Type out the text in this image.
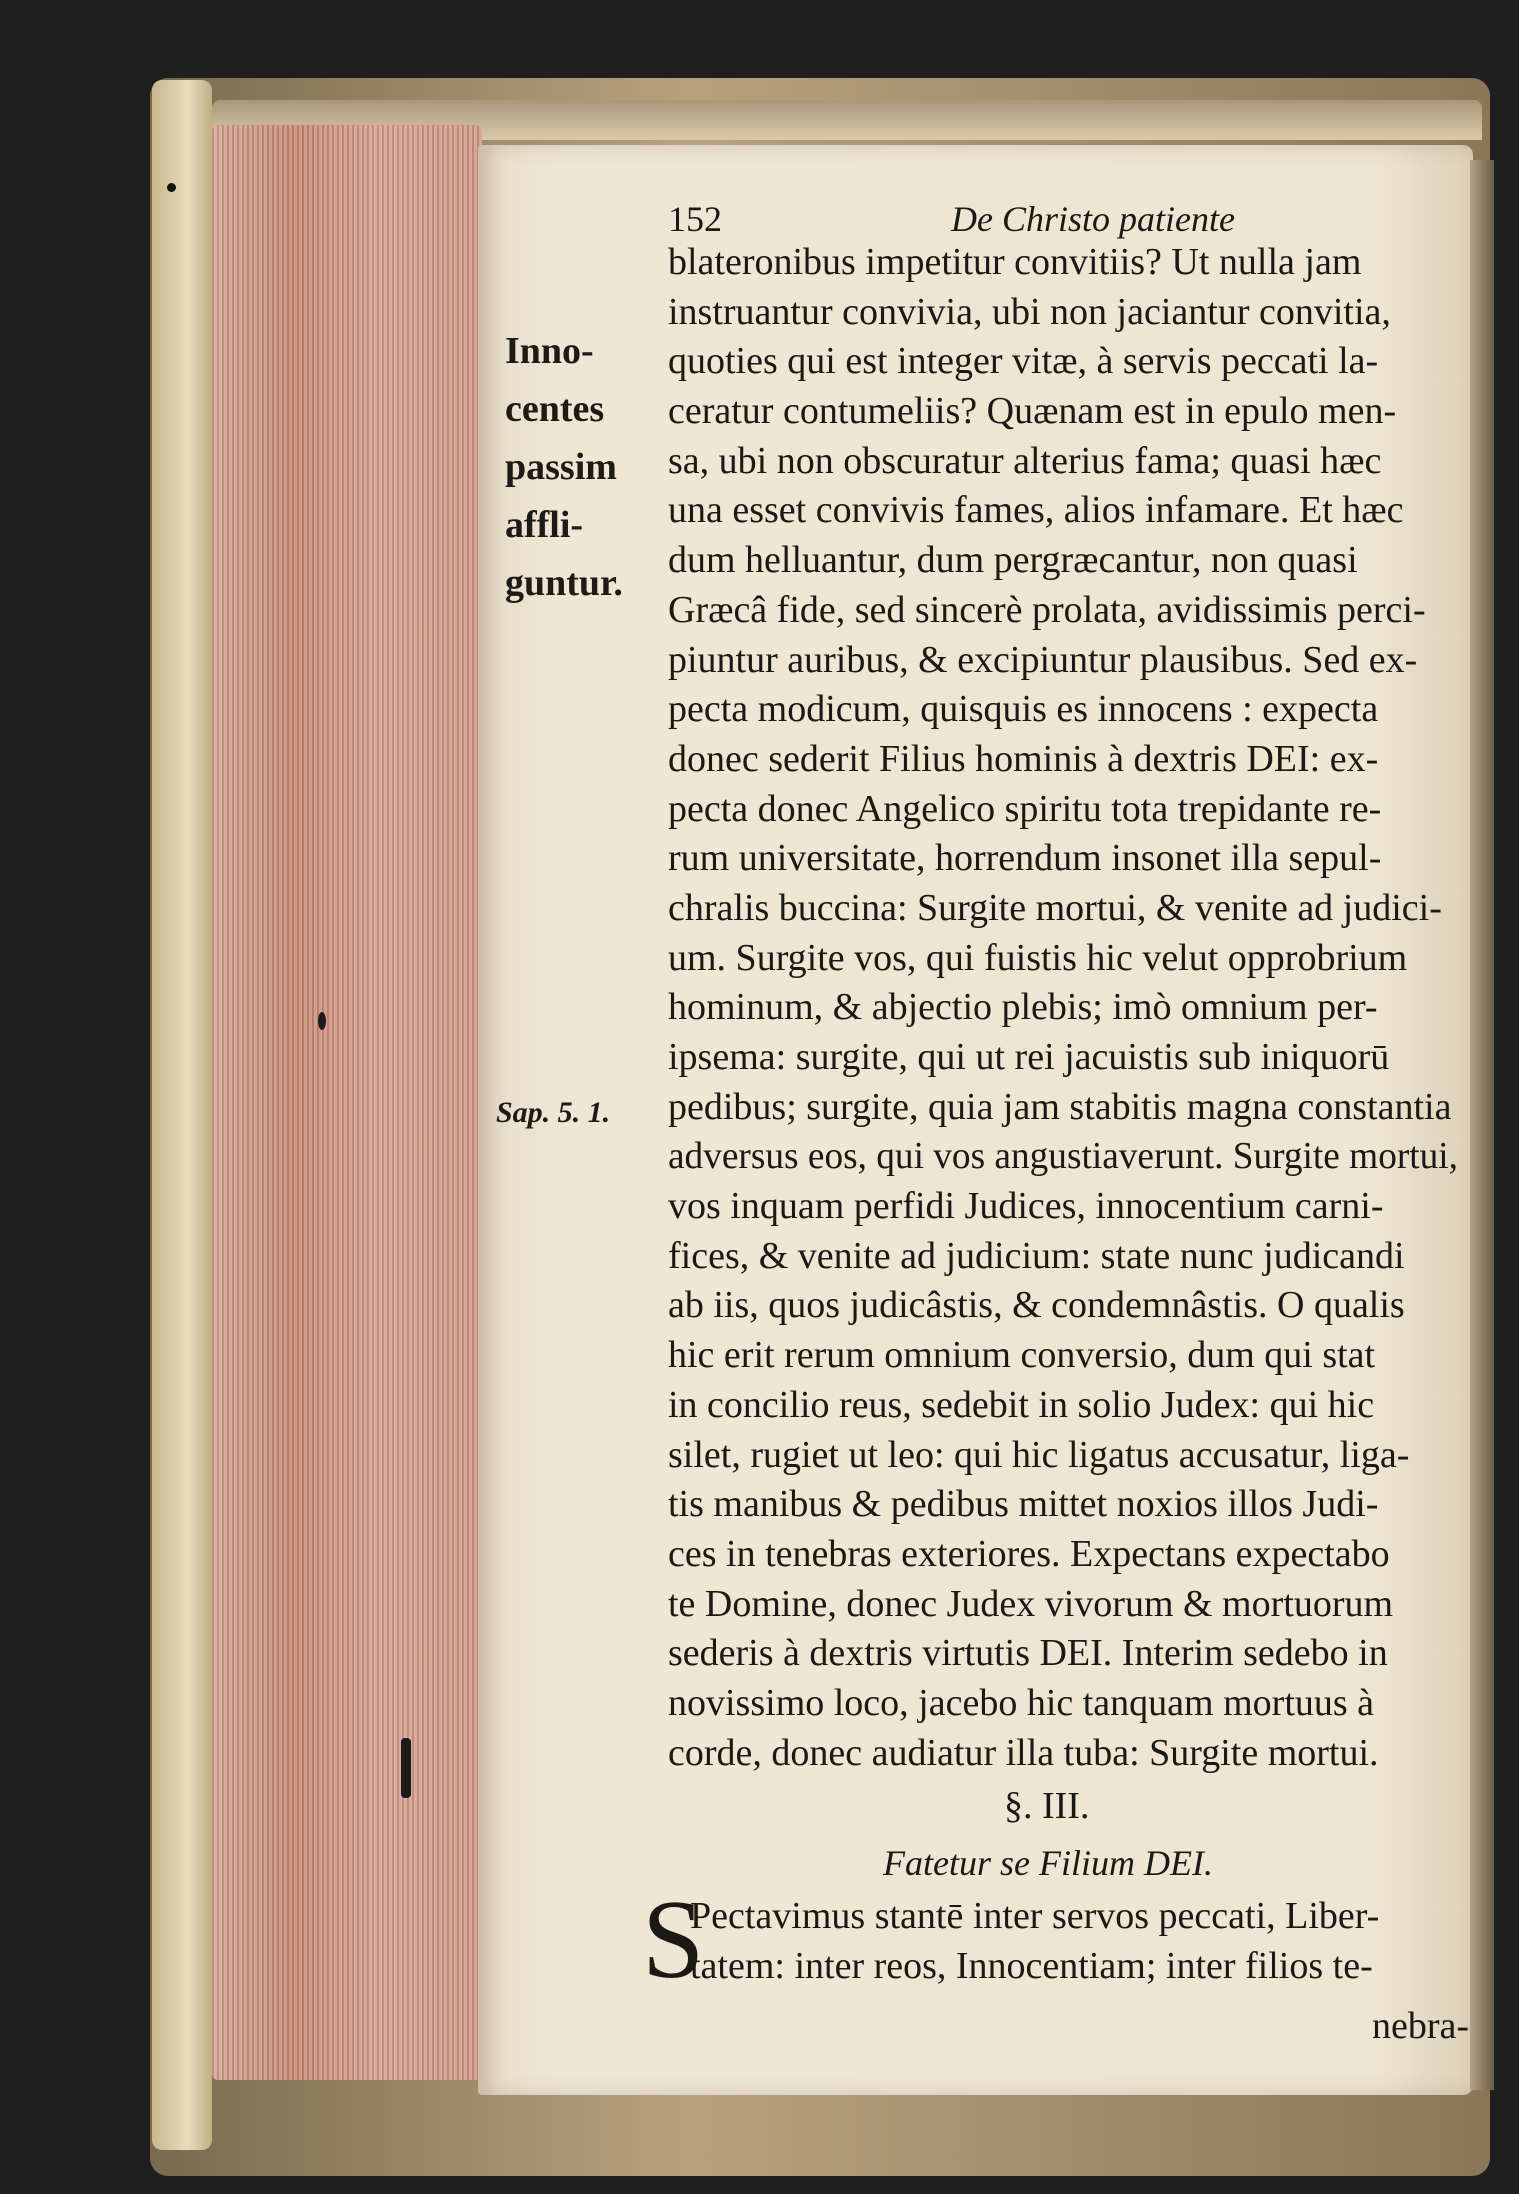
152	De Christo patiente
Inno-
centes
passim
affli-
guntur.
Sap. 5. 1.
blateronibus impetitur convitiis? Ut nulla jam
instruantur convivia, ubi non jaciantur convitia,
quoties qui est integer vitæ, à servis peccati la-
ceratur contumeliis? Quænam est in epulo men-
sa, ubi non obscuratur alterius fama; quasi hæc
una esset convivis fames, alios infamare. Et hæc
dum helluantur, dum pergræcantur, non quasi
Græcâ fide, sed sincerè prolata, avidissimis perci-
piuntur auribus, & excipiuntur plausibus. Sed ex-
pecta modicum, quisquis es innocens : expecta
donec sederit Filius hominis à dextris DEI: ex-
pecta donec Angelico spiritu tota trepidante re-
rum universitate, horrendum insonet illa sepul-
chralis buccina: Surgite mortui, & venite ad judici-
um. Surgite vos, qui fuistis hic velut opprobrium
hominum, & abjectio plebis; imò omnium per-
ipsema: surgite, qui ut rei jacuistis sub iniquorū
pedibus; surgite, quia jam stabitis magna constantia
adversus eos, qui vos angustiaverunt. Surgite mortui,
vos inquam perfidi Judices, innocentium carni-
fices, & venite ad judicium: state nunc judicandi
ab iis, quos judicâstis, & condemnâstis. O qualis
hic erit rerum omnium conversio, dum qui stat
in concilio reus, sedebit in solio Judex: qui hic
silet, rugiet ut leo: qui hic ligatus accusatur, liga-
tis manibus & pedibus mittet noxios illos Judi-
ces in tenebras exteriores. Expectans expectabo
te Domine, donec Judex vivorum & mortuorum
sederis à dextris virtutis DEI. Interim sedebo in
novissimo loco, jacebo hic tanquam mortuus à
corde, donec audiatur illa tuba: Surgite mortui.
§. III.
Fatetur se Filium DEI.
S
Pectavimus stantē inter servos peccati, Liber-
tatem: inter reos, Innocentiam; inter filios te-
nebra-
